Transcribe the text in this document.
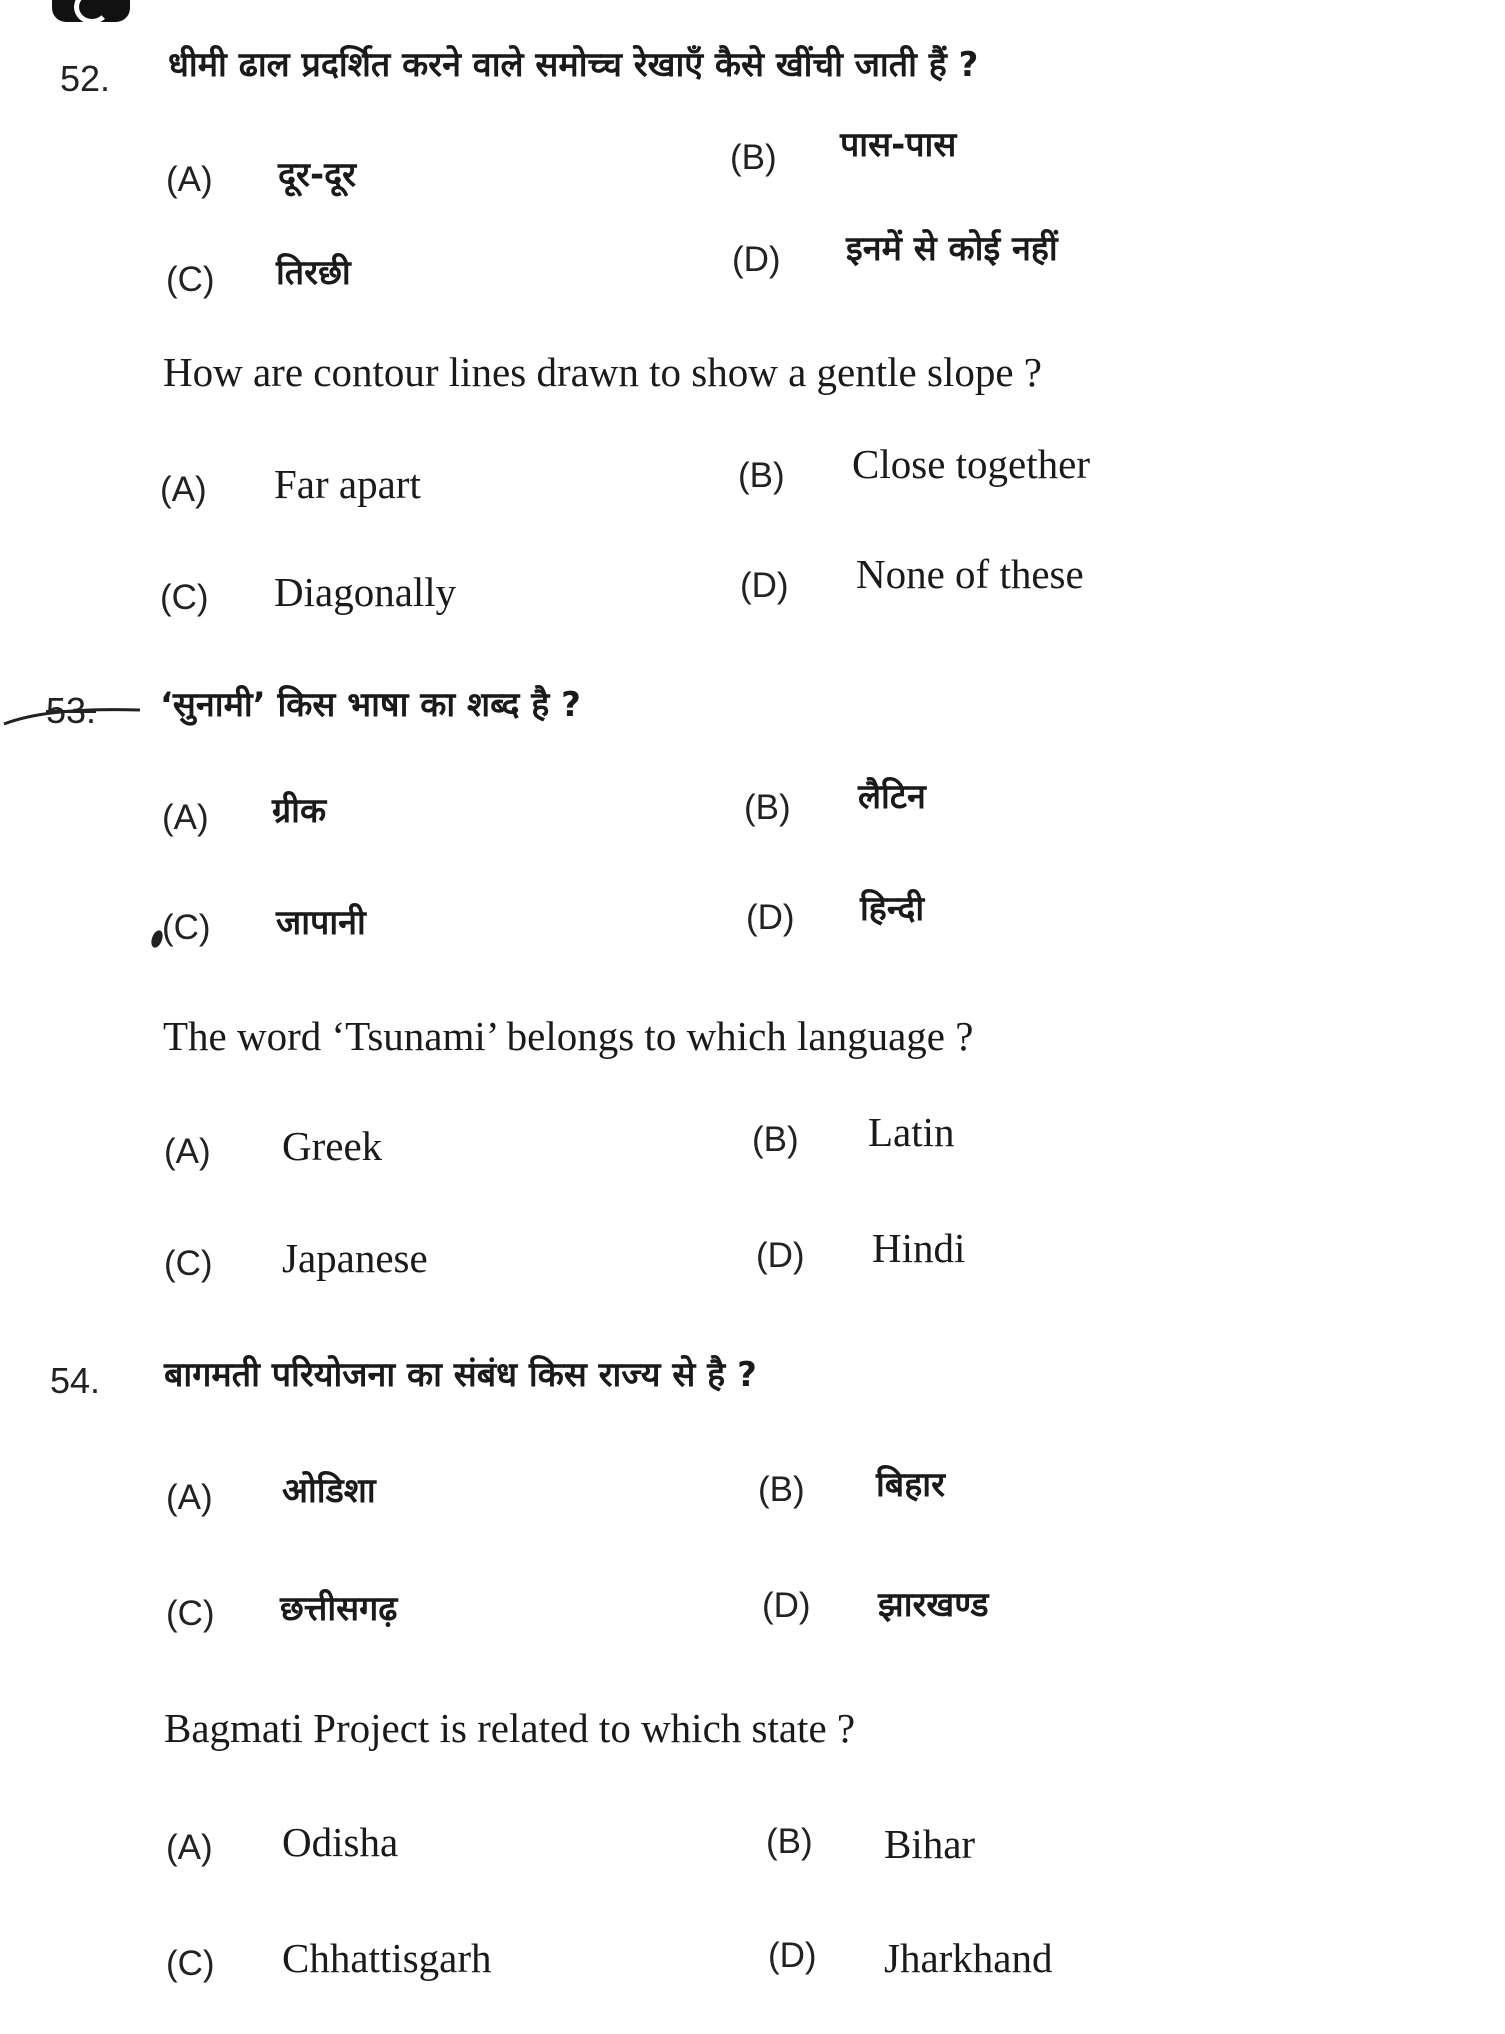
52. धीमी ढाल प्रदर्शित करने वाले समोच्च रेखाएँ कैसे खींची जाती हैं ?
(A) दूर-दूर	(B) पास-पास
(C) तिरछी	(D) इनमें से कोई नहीं
How are contour lines drawn to show a gentle slope ?
(A) Far apart	(B) Close together
(C) Diagonally	(D) None of these
53. ‘सुनामी’ किस भाषा का शब्द है ?
(A) ग्रीक	(B) लैटिन
(C) जापानी	(D) हिन्दी
The word ‘Tsunami’ belongs to which language ?
(A) Greek	(B) Latin
(C) Japanese	(D) Hindi
54. बागमती परियोजना का संबंध किस राज्य से है ?
(A) ओडिशा	(B) बिहार
(C) छत्तीसगढ़	(D) झारखण्ड
Bagmati Project is related to which state ?
(A) Odisha	(B) Bihar
(C) Chhattisgarh	(D) Jharkhand
